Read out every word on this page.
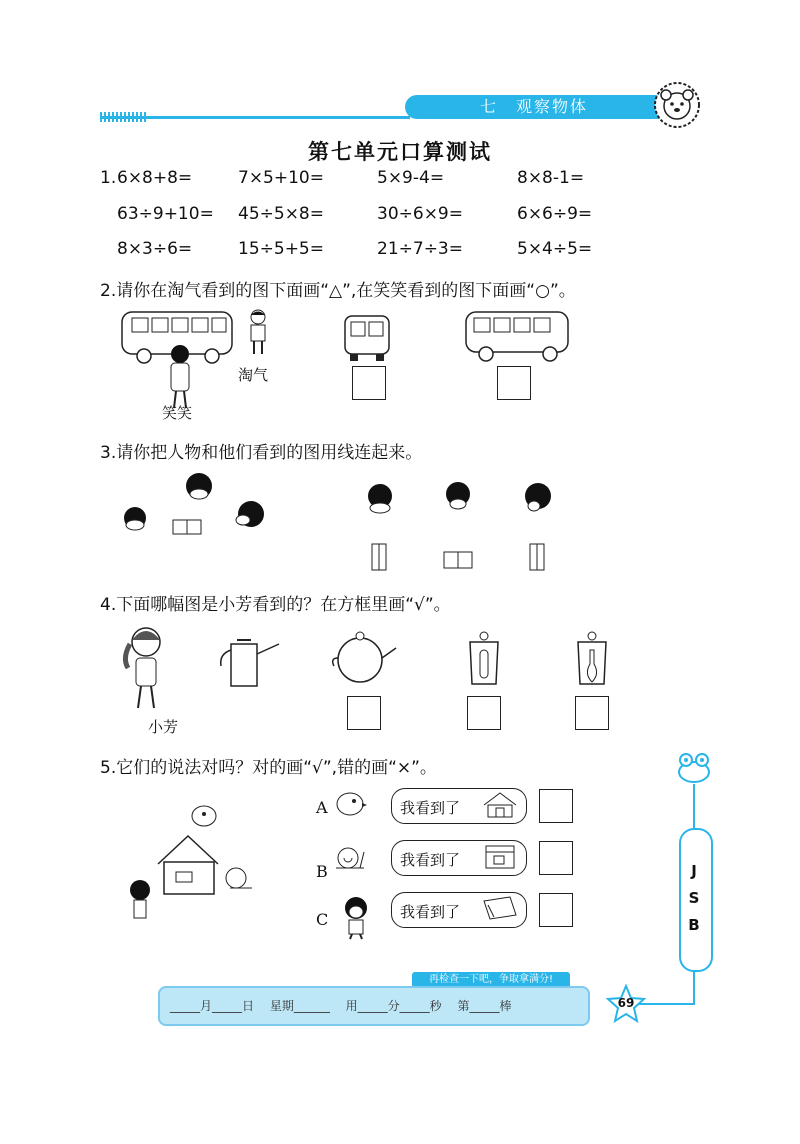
七　观察物体
第七单元口算测试
1. 6×8+8=	7×5+10=	5×9-4=	8×8-1=
63÷9+10= 45÷5×8=	30÷6×9=	6×6÷9=
8×3÷6=	15÷5+5=	21÷7÷3=	5×4÷5=
2.请你在淘气看到的图下面画“△”,在笑笑看到的图下面画“○”。
淘气
笑笑
3.请你把人物和他们看到的图用线连起来。
4.下面哪幅图是小芳看到的？在方框里画“√”。
小芳
5.它们的说法对吗？对的画“√”,错的画“×”。
A	我看到了
B
我看到了
C	我看到了
J
S
B
再检查一下吧，争取拿满分!
_____月_____日　 星期______　 用_____分_____秒　 第_____棒	69
